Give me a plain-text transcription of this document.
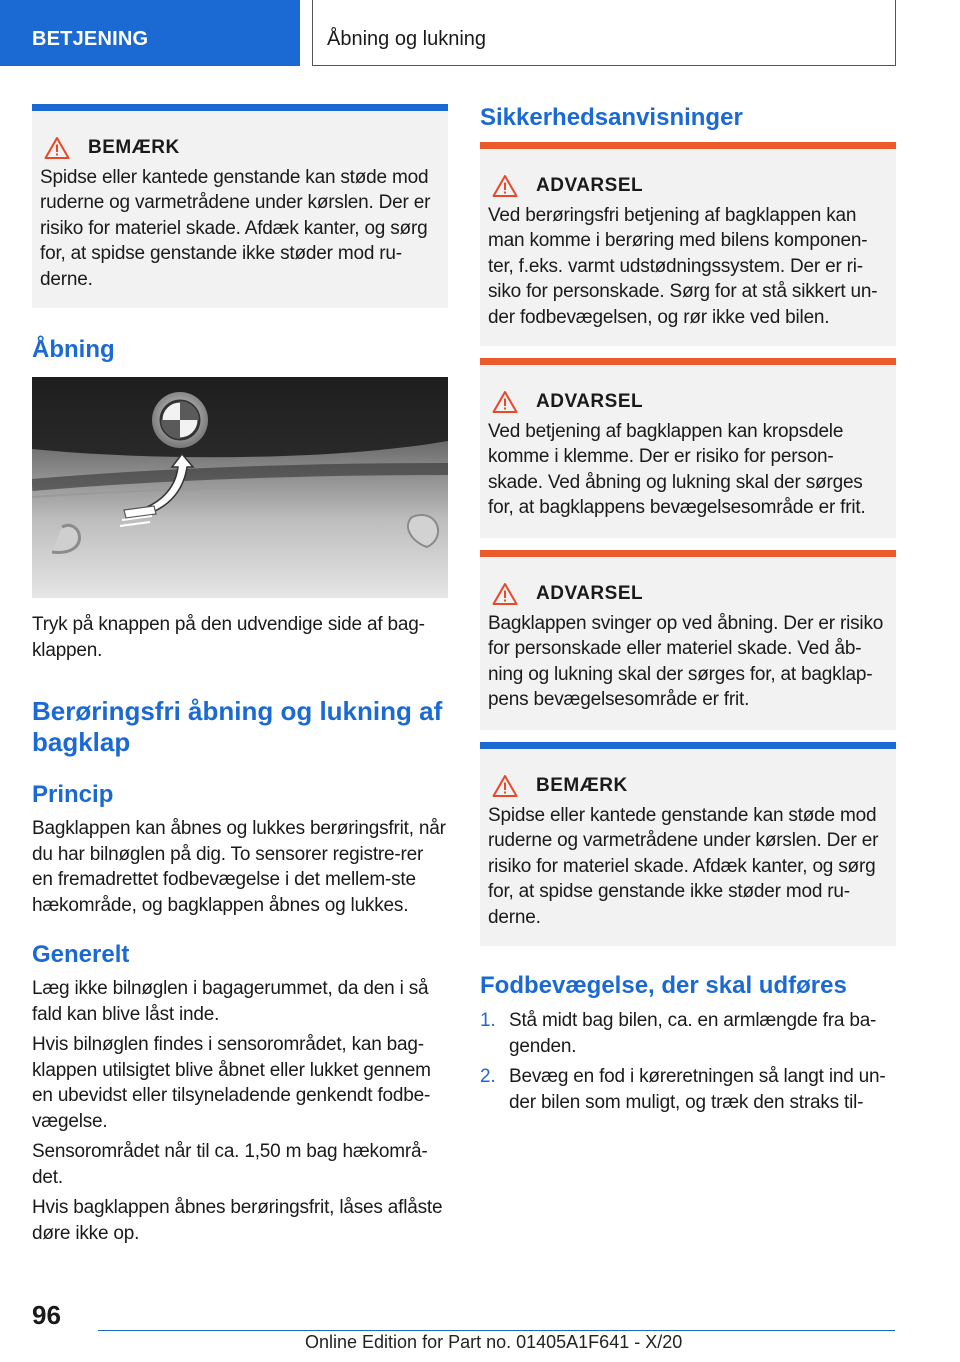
BETJENING	Åbning og lukning
BEMÆRK
Spidse eller kantede genstande kan støde mod ruderne og varmetrådene under kørslen. Der er risiko for materiel skade. Afdæk kanter, og sørg for, at spidse genstande ikke støder mod ru-derne.
Åbning

Tryk på knappen på den udvendige side af bag-klappen.

Berøringsfri åbning og lukning af bagklap
Princip

Bagklappen kan åbnes og lukkes berøringsfrit, når du har bilnøglen på dig. To sensorer registre-rer en fremadrettet fodbevægelse i det mellem-ste hækområde, og bagklappen åbnes og lukkes.

Generelt

Læg ikke bilnøglen i bagagerummet, da den i så fald kan blive låst inde.

Hvis bilnøglen findes i sensorområdet, kan bag-klappen utilsigtet blive åbnet eller lukket gennem en ubevidst eller tilsyneladende genkendt fodbe-vægelse.

Sensorområdet når til ca. 1,50 m bag hækområ-det.

Hvis bagklappen åbnes berøringsfrit, låses aflåste døre ikke op.

Sikkerhedsanvisninger
ADVARSEL
Ved berøringsfri betjening af bagklappen kan man komme i berøring med bilens komponen-ter, f.eks. varmt udstødningssystem. Der er ri-siko for personskade. Sørg for at stå sikkert un-der fodbevægelsen, og rør ikke ved bilen.
ADVARSEL
Ved betjening af bagklappen kan kropsdele komme i klemme. Der er risiko for person-skade. Ved åbning og lukning skal der sørges for, at bagklappens bevægelsesområde er frit.
ADVARSEL
Bagklappen svinger op ved åbning. Der er risiko for personskade eller materiel skade. Ved åb-ning og lukning skal der sørges for, at bagklap-pens bevægelsesområde er frit.
BEMÆRK
Spidse eller kantede genstande kan støde mod ruderne og varmetrådene under kørslen. Der er risiko for materiel skade. Afdæk kanter, og sørg for, at spidse genstande ikke støder mod ru-derne.
Fodbevægelse, der skal udføres
1. Stå midt bag bilen, ca. en armlængde fra ba-genden.
2. Bevæg en fod i køreretningen så langt ind un-der bilen som muligt, og træk den straks til-
96
Online Edition for Part no. 01405A1F641 - X/20
